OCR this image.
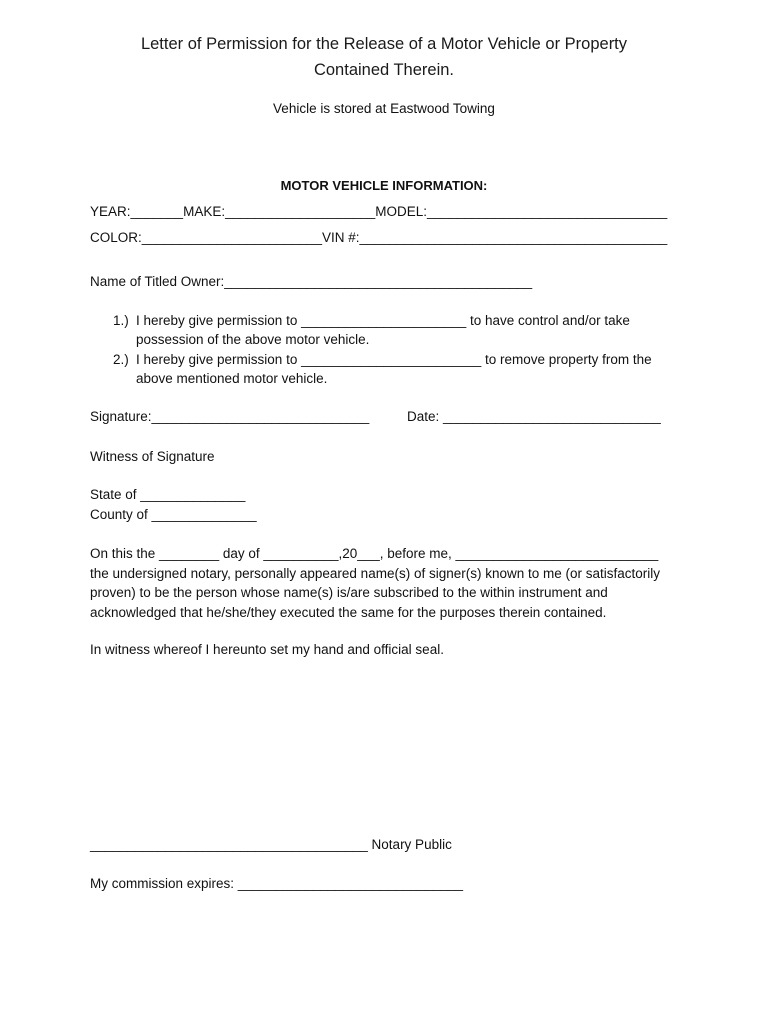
Letter of Permission for the Release of a Motor Vehicle or Property
Contained Therein.
Vehicle is stored at Eastwood Towing
MOTOR VEHICLE INFORMATION:
YEAR:_______MAKE:____________________MODEL:________________________________
COLOR:________________________VIN #:_________________________________________
Name of Titled Owner:_________________________________________
1.) I hereby give permission to ______________________ to have control and/or take
possession of the above motor vehicle.
2.) I hereby give permission to ________________________ to remove property from the
above mentioned motor vehicle.
Signature:_____________________________	Date: _____________________________
Witness of Signature
State of ______________
County of ______________
On this the ________ day of __________,20___, before me, ___________________________
the undersigned notary, personally appeared name(s) of signer(s) known to me (or satisfactorily
proven) to be the person whose name(s) is/are subscribed to the within instrument and
acknowledged that he/she/they executed the same for the purposes therein contained.
In witness whereof I hereunto set my hand and official seal.
_____________________________________ Notary Public
My commission expires: ______________________________
